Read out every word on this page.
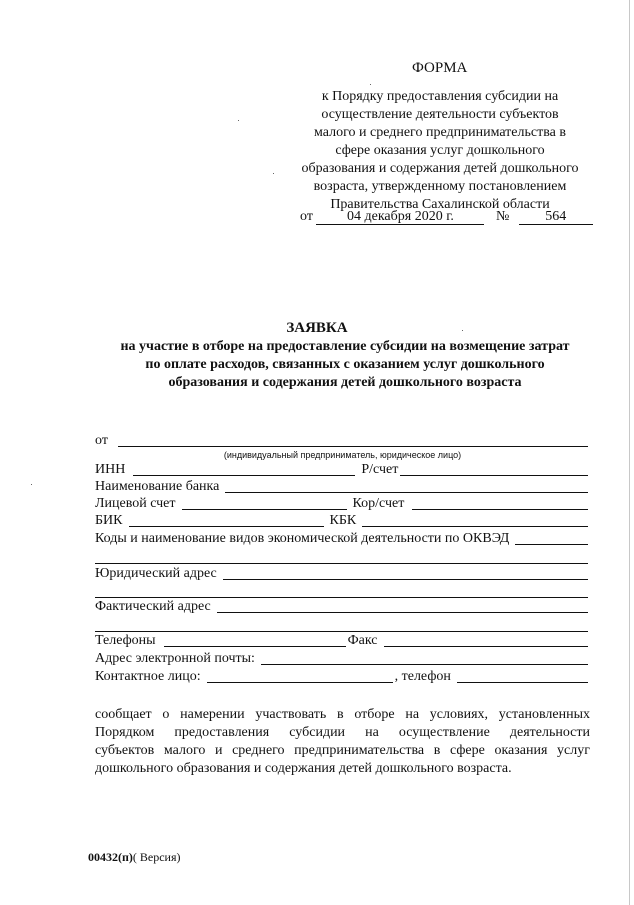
ФОРМА
к Порядку предоставления субсидии на
осуществление деятельности субъектов
малого и среднего предпринимательства в
сфере оказания услуг дошкольного
образования и содержания детей дошкольного
возраста, утвержденному постановлением
Правительства Сахалинской области
от 04 декабря 2020 г.	№	564
ЗАЯВКА
на участие в отборе на предоставление субсидии на возмещение затрат
по оплате расходов, связанных с оказанием услуг дошкольного
образования и содержания детей дошкольного возраста
от
(индивидуальный предприниматель, юридическое лицо)
ИНН	Р/счет
Наименование банка
Лицевой счет	Кор/счет
БИК	КБК
Коды и наименование видов экономической деятельности по ОКВЭД
Юридический адрес
Фактический адрес
Телефоны	Факс
Адрес электронной почты:
Контактное лицо:	, телефон

сообщает о намерении участвовать в отборе на условиях, установленных

Порядком предоставления субсидии на осуществление деятельности

субъектов малого и среднего предпринимательства в сфере оказания услуг

дошкольного образования и содержания детей дошкольного возраста.

00432(п)( Версия)
